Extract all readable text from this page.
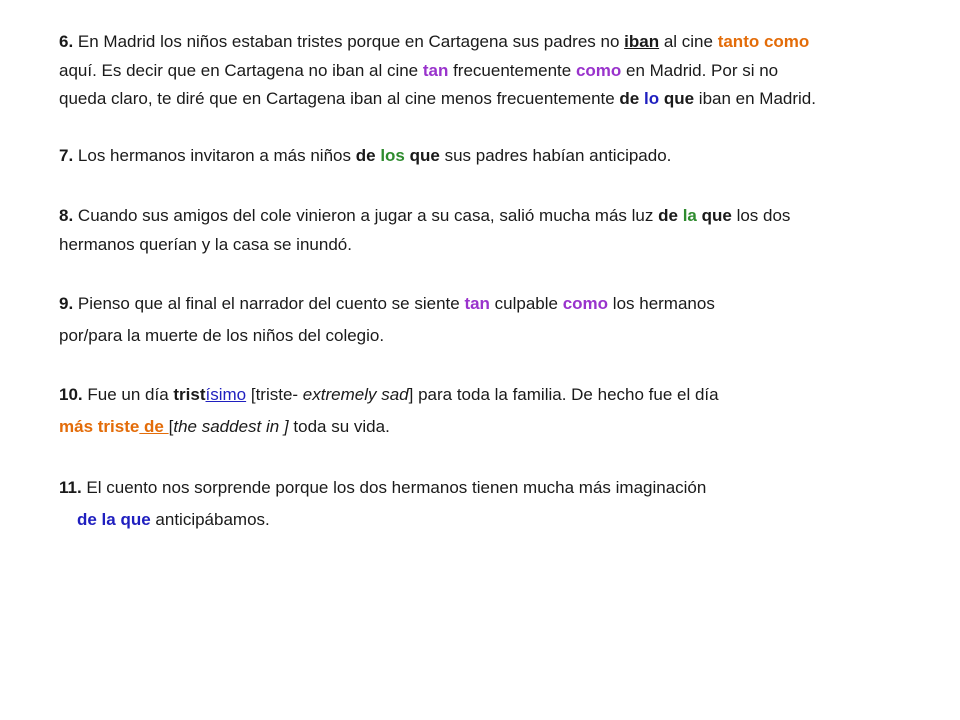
6. En Madrid los niños estaban tristes porque en Cartagena sus padres no iban al cine tanto como
aquí. Es decir que en Cartagena no iban al cine tan frecuentemente como en Madrid. Por si no
queda claro, te diré que en Cartagena iban al cine menos frecuentemente de lo que iban en Madrid.

7. Los hermanos invitaron a más niños de los que sus padres habían anticipado.

8. Cuando sus amigos del cole vinieron a jugar a su casa, salió mucha más luz de la que los dos
hermanos querían y la casa se inundó.

9. Pienso que al final el narrador del cuento se siente tan culpable como los hermanos
por/para la muerte de los niños del colegio.

10. Fue un día tristísimo [triste- extremely sad] para toda la familia. De hecho fue el día
más triste de [the saddest in ] toda su vida.

11. El cuento nos sorprende porque los dos hermanos tienen mucha más imaginación
de la que anticipábamos.
